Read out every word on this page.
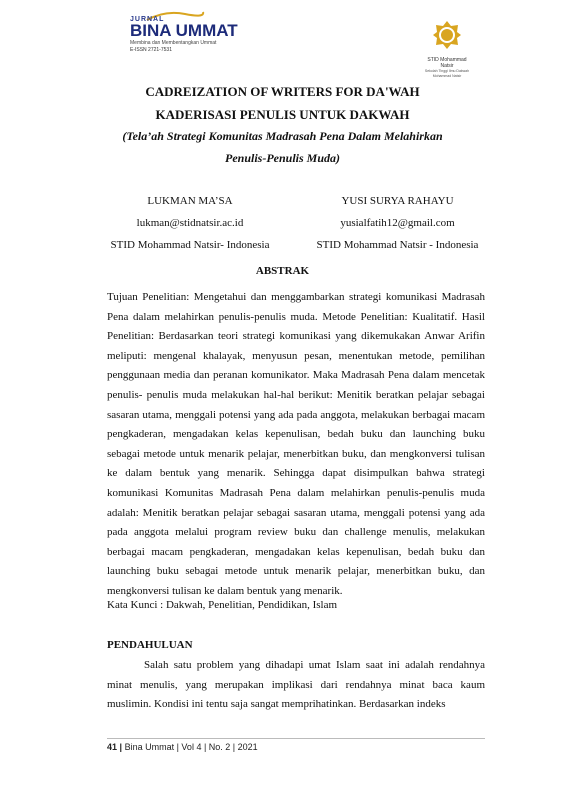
JURNAL
BINA UMMAT
Membina dan Membentangkan Ummat
E-ISSN 2721-7531
STID Mohammad Natsir
Sekolah Tinggi Ilmu Dakwah Mohammad Natsir
CADREIZATION OF WRITERS FOR DA'WAH
KADERISASI PENULIS UNTUK DAKWAH
(Tela’ah Strategi Komunitas Madrasah Pena Dalam Melahirkan
Penulis-Penulis Muda)
LUKMAN MA’SA
lukman@stidnatsir.ac.id
STID Mohammad Natsir- Indonesia
YUSI SURYA RAHAYU
yusialfatih12@gmail.com
STID Mohammad Natsir - Indonesia
ABSTRAK
Tujuan Penelitian: Mengetahui dan menggambarkan strategi komunikasi Madrasah Pena dalam melahirkan penulis-penulis muda. Metode Penelitian: Kualitatif. Hasil Penelitian: Berdasarkan teori strategi komunikasi yang dikemukakan Anwar Arifin meliputi: mengenal khalayak, menyusun pesan, menentukan metode, pemilihan penggunaan media dan peranan komunikator. Maka Madrasah Pena dalam mencetak penulis- penulis muda melakukan hal-hal berikut: Menitik beratkan pelajar sebagai sasaran utama, menggali potensi yang ada pada anggota, melakukan berbagai macam pengkaderan, mengadakan kelas kepenulisan, bedah buku dan launching buku sebagai metode untuk menarik pelajar, menerbitkan buku, dan mengkonversi tulisan ke dalam bentuk yang menarik. Sehingga dapat disimpulkan bahwa strategi komunikasi Komunitas Madrasah Pena dalam melahirkan penulis-penulis muda adalah: Menitik beratkan pelajar sebagai sasaran utama, menggali potensi yang ada pada anggota melalui program review buku dan challenge menulis, melakukan berbagai macam pengkaderan, mengadakan kelas kepenulisan, bedah buku dan launching buku sebagai metode untuk menarik pelajar, menerbitkan buku, dan mengkonversi tulisan ke dalam bentuk yang menarik.
Kata Kunci : Dakwah, Penelitian, Pendidikan, Islam
PENDAHULUAN
Salah satu problem yang dihadapi umat Islam saat ini adalah rendahnya minat menulis, yang merupakan implikasi dari rendahnya minat baca kaum muslimin. Kondisi ini tentu saja sangat memprihatinkan. Berdasarkan indeks
41 | Bina Ummat | Vol 4 | No. 2 | 2021
